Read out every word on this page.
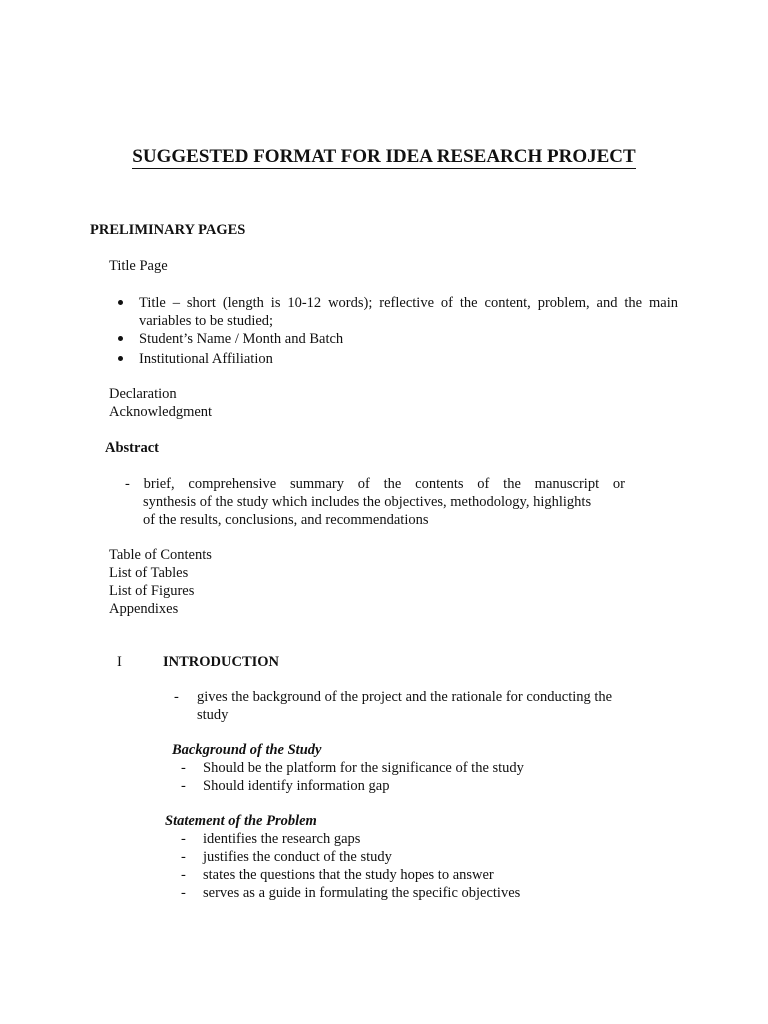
SUGGESTED FORMAT FOR IDEA RESEARCH PROJECT
PRELIMINARY PAGES
Title Page
Title – short (length is 10-12 words); reflective of the content, problem, and the main
variables to be studied;
Student’s Name / Month and Batch
Institutional Affiliation
Declaration
Acknowledgment
Abstract
- brief, comprehensive summary of the contents of the manuscript or
synthesis of the study which includes the objectives, methodology, highlights
of the results, conclusions, and recommendations
Table of Contents
List of Tables
List of Figures
Appendixes
I	INTRODUCTION
- gives the background of the project and the rationale for conducting the
study
Background of the Study
- Should be the platform for the significance of the study
- Should identify information gap
Statement of the Problem
- identifies the research gaps
- justifies the conduct of the study
- states the questions that the study hopes to answer
- serves as a guide in formulating the specific objectives
